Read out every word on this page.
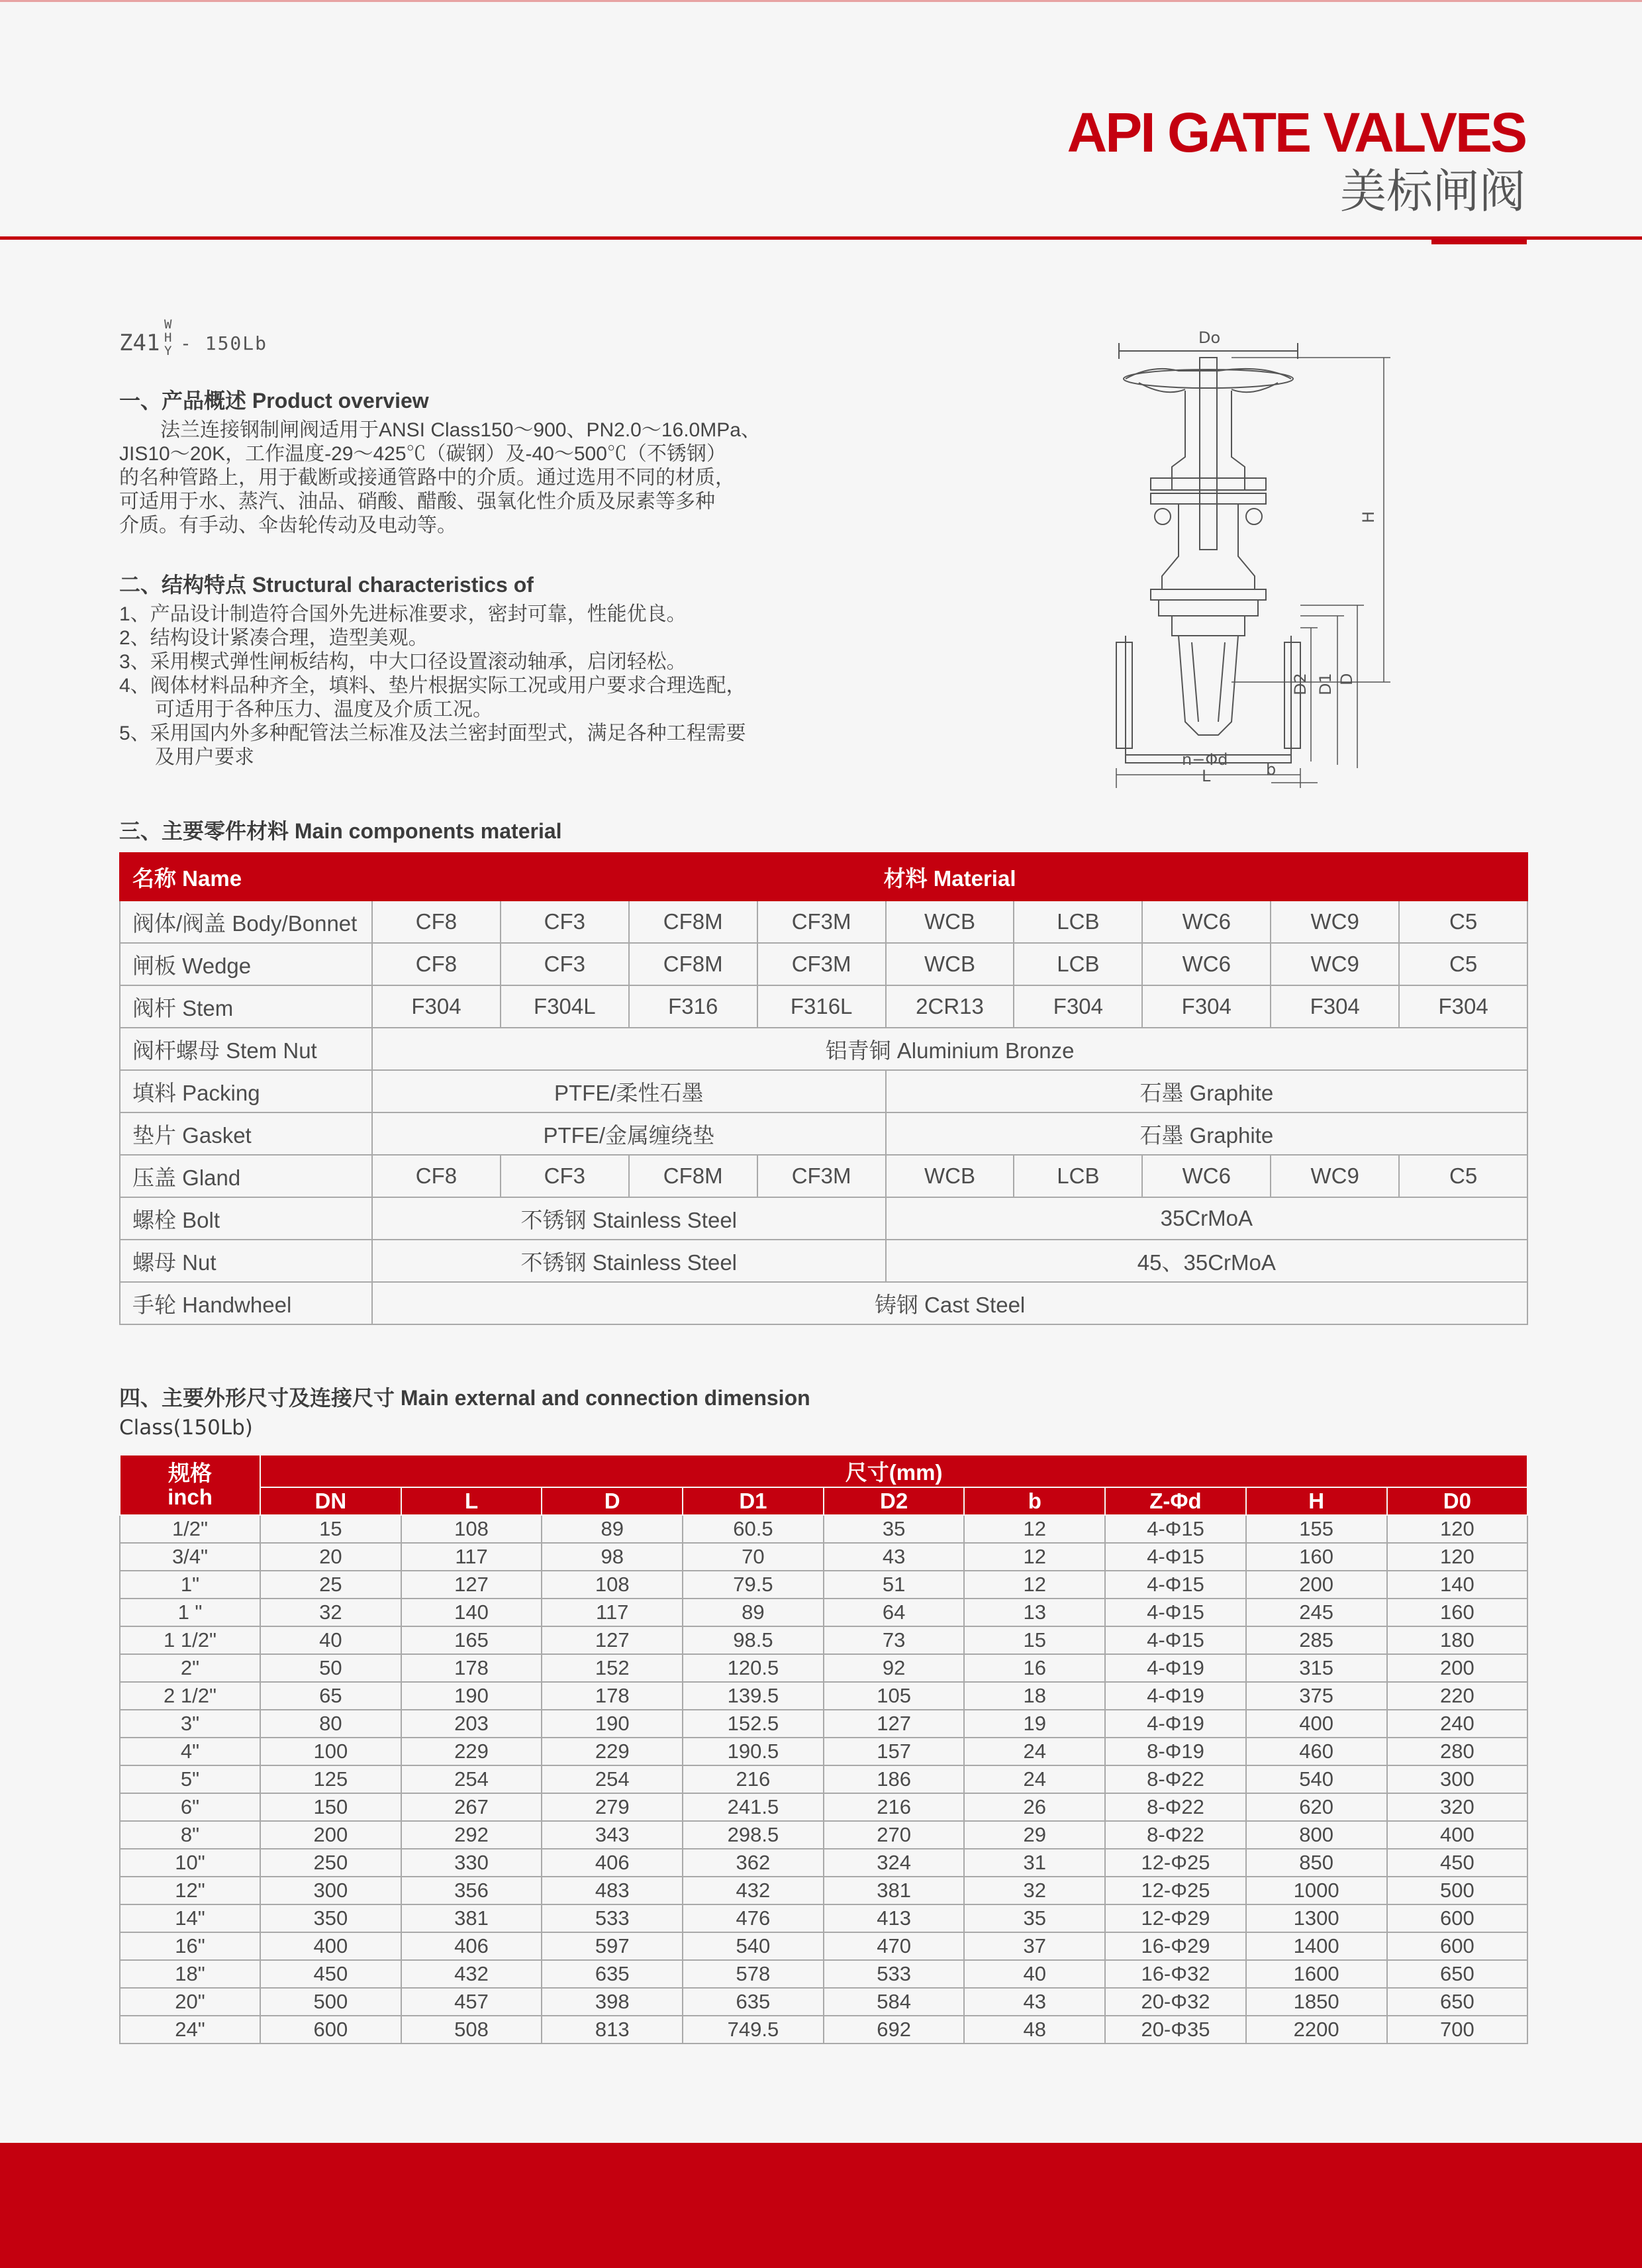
API GATE VALVES
美标闸阀
Z41
W
H
Y - 150Lb
一、产品概述 Product overview

法兰连接钢制闸阀适用于ANSI Class150～900、PN2.0～16.0MPa、

JIS10～20K，工作温度-29～425℃（碳钢）及-40～500℃（不锈钢）

的名种管路上，用于截断或接通管路中的介质。通过选用不同的材质，

可适用于水、蒸汽、油品、硝酸、醋酸、强氧化性介质及尿素等多种

介质。有手动、伞齿轮传动及电动等。

二、结构特点 Structural characteristics of

1、产品设计制造符合国外先进标准要求，密封可靠，性能优良。

2、结构设计紧凑合理，造型美观。

3、采用楔式弹性闸板结构，中大口径设置滚动轴承，启闭轻松。

4、阀体材料品种齐全，填料、垫片根据实际工况或用户要求合理选配，
可适用于各种压力、温度及介质工况。

5、采用国内外多种配管法兰标准及法兰密封面型式，满足各种工程需要
及用户要求

Do
H
D2 D1 D
n−Φd
L	b
三、主要零件材料 Main components material
名称 Name	材料 Material								
阀体/阀盖 Body/Bonnet	CF8	CF3	CF8M	CF3M	WCB	LCB	WC6	WC9	C5
闸板 Wedge	CF8	CF3	CF8M	CF3M	WCB	LCB	WC6	WC9	C5
阀杆 Stem	F304	F304L	F316	F316L	2CR13	F304	F304	F304	F304
阀杆螺母 Stem Nut	铝青铜 Aluminium Bronze								
填料 Packing	PTFE/柔性石墨				石墨 Graphite				
垫片 Gasket	PTFE/金属缠绕垫				石墨 Graphite				
压盖 Gland	CF8	CF3	CF8M	CF3M	WCB	LCB	WC6	WC9	C5
螺栓 Bolt	不锈钢 Stainless Steel				35CrMoA				
螺母 Nut	不锈钢 Stainless Steel				45、35CrMoA				
手轮 Handwheel	铸钢 Cast Steel								
四、主要外形尺寸及连接尺寸 Main external and connection dimension
Class(150Lb)
规格
inch	尺寸(mm)								
	DN	L	D	D1	D2	b	Z-Φd	H	D0
1/2"	15	108	89	60.5	35	12	4-Φ15	155	120
3/4"	20	117	98	70	43	12	4-Φ15	160	120
1"	25	127	108	79.5	51	12	4-Φ15	200	140
1 "	32	140	117	89	64	13	4-Φ15	245	160
1 1/2"	40	165	127	98.5	73	15	4-Φ15	285	180
2"	50	178	152	120.5	92	16	4-Φ19	315	200
2 1/2"	65	190	178	139.5	105	18	4-Φ19	375	220
3"	80	203	190	152.5	127	19	4-Φ19	400	240
4"	100	229	229	190.5	157	24	8-Φ19	460	280
5"	125	254	254	216	186	24	8-Φ22	540	300
6"	150	267	279	241.5	216	26	8-Φ22	620	320
8"	200	292	343	298.5	270	29	8-Φ22	800	400
10"	250	330	406	362	324	31	12-Φ25	850	450
12"	300	356	483	432	381	32	12-Φ25	1000	500
14"	350	381	533	476	413	35	12-Φ29	1300	600
16"	400	406	597	540	470	37	16-Φ29	1400	600
18"	450	432	635	578	533	40	16-Φ32	1600	650
20"	500	457	398	635	584	43	20-Φ32	1850	650
24"	600	508	813	749.5	692	48	20-Φ35	2200	700
